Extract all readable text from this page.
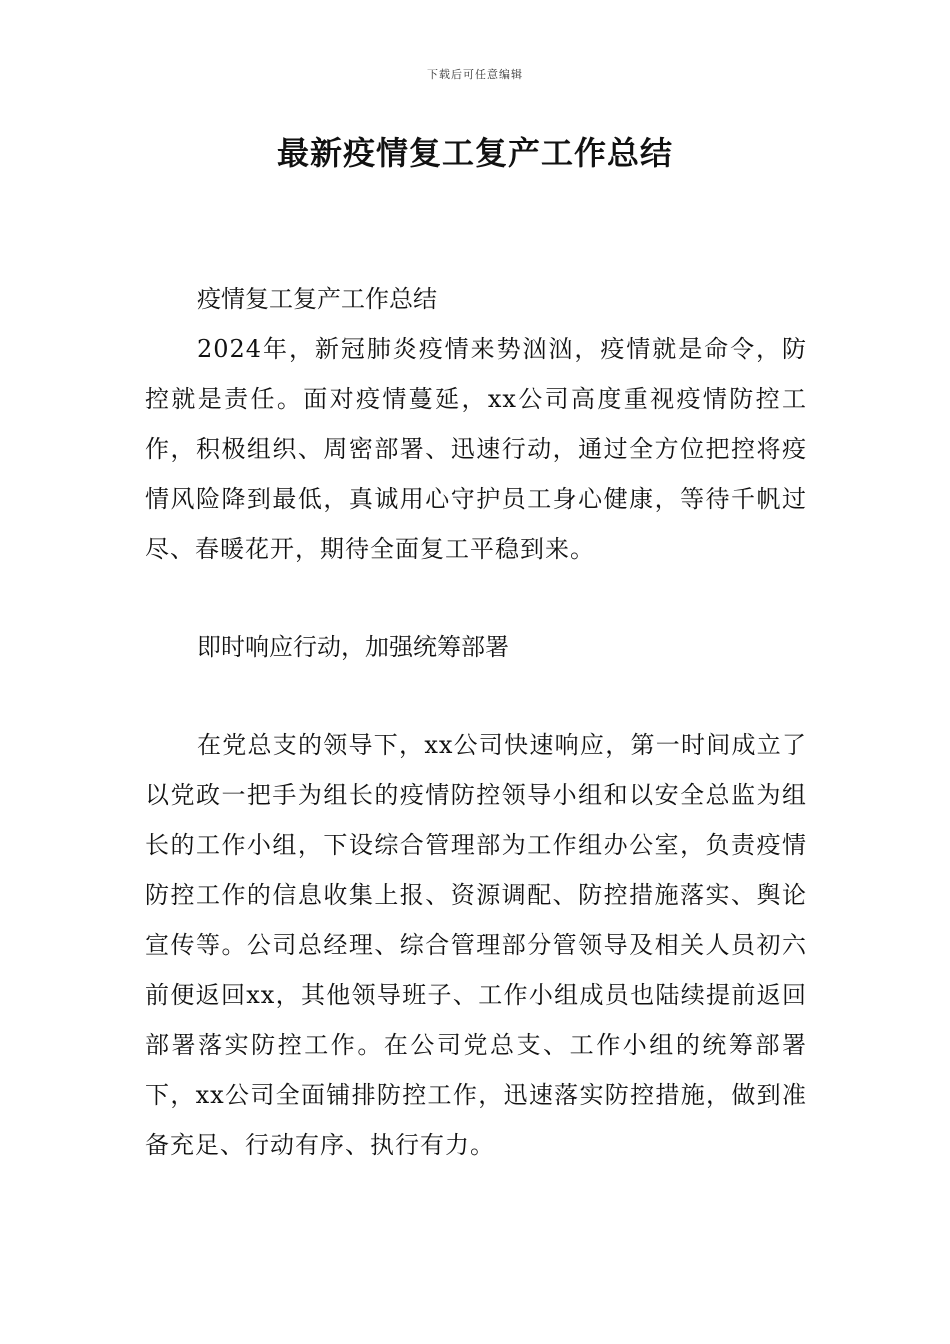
下载后可任意编辑
最新疫情复工复产工作总结

疫情复工复产工作总结

2024年，新冠肺炎疫情来势汹汹，疫情就是命令，防控就是责任。面对疫情蔓延，xx公司高度重视疫情防控工作，积极组织、周密部署、迅速行动，通过全方位把控将疫情风险降到最低，真诚用心守护员工身心健康，等待千帆过尽、春暖花开，期待全面复工平稳到来。

即时响应行动，加强统筹部署

在党总支的领导下，xx公司快速响应，第一时间成立了以党政一把手为组长的疫情防控领导小组和以安全总监为组长的工作小组，下设综合管理部为工作组办公室，负责疫情防控工作的信息收集上报、资源调配、防控措施落实、舆论宣传等。公司总经理、综合管理部分管领导及相关人员初六前便返回xx，其他领导班子、工作小组成员也陆续提前返回部署落实防控工作。在公司党总支、工作小组的统筹部署下，xx公司全面铺排防控工作，迅速落实防控措施，做到准备充足、行动有序、执行有力。
